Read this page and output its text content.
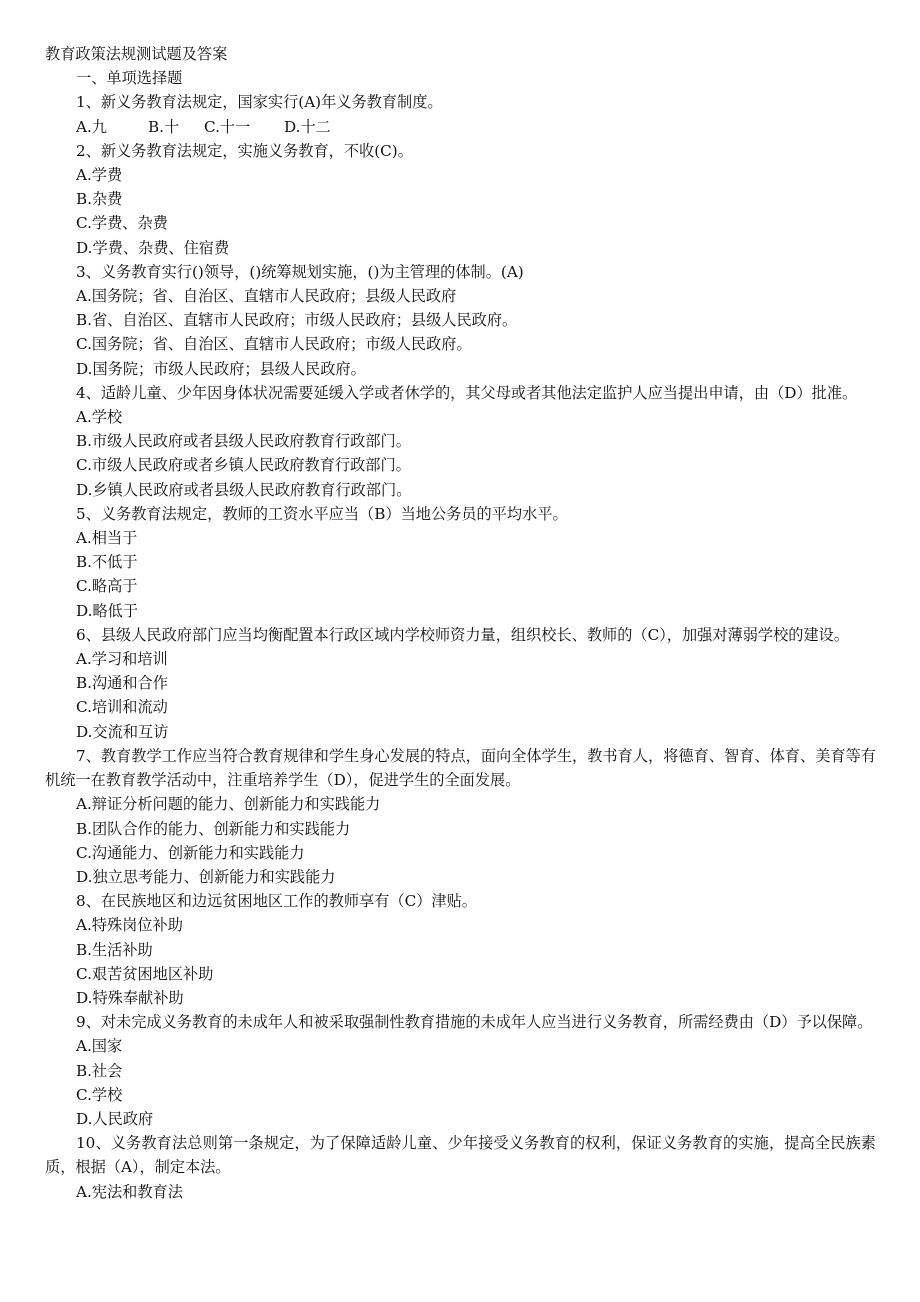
教育政策法规测试题及答案
一、单项选择题
1、新义务教育法规定，国家实行(A)年义务教育制度。
A.九	B.十 C.十一 D.十二
2、新义务教育法规定，实施义务教育，不收(C)。
A.学费
B.杂费
C.学费、杂费
D.学费、杂费、住宿费
3、义务教育实行()领导，()统筹规划实施，()为主管理的体制。(A)
A.国务院；省、自治区、直辖市人民政府；县级人民政府
B.省、自治区、直辖市人民政府；市级人民政府；县级人民政府。
C.国务院；省、自治区、直辖市人民政府；市级人民政府。
D.国务院；市级人民政府；县级人民政府。
4、适龄儿童、少年因身体状况需要延缓入学或者休学的，其父母或者其他法定监护人应当提出申请，由（D）批准。
A.学校
B.市级人民政府或者县级人民政府教育行政部门。
C.市级人民政府或者乡镇人民政府教育行政部门。
D.乡镇人民政府或者县级人民政府教育行政部门。
5、义务教育法规定，教师的工资水平应当（B）当地公务员的平均水平。
A.相当于
B.不低于
C.略高于
D.略低于
6、县级人民政府部门应当均衡配置本行政区域内学校师资力量，组织校长、教师的（C），加强对薄弱学校的建设。
A.学习和培训
B.沟通和合作
C.培训和流动
D.交流和互访
7、教育教学工作应当符合教育规律和学生身心发展的特点，面向全体学生，教书育人，将德育、智育、体育、美育等有机统一在教育教学活动中，注重培养学生（D），促进学生的全面发展。
A.辩证分析问题的能力、创新能力和实践能力
B.团队合作的能力、创新能力和实践能力
C.沟通能力、创新能力和实践能力
D.独立思考能力、创新能力和实践能力
8、在民族地区和边远贫困地区工作的教师享有（C）津贴。
A.特殊岗位补助
B.生活补助
C.艰苦贫困地区补助
D.特殊奉献补助
9、对未完成义务教育的未成年人和被采取强制性教育措施的未成年人应当进行义务教育，所需经费由（D）予以保障。
A.国家
B.社会
C.学校
D.人民政府
10、义务教育法总则第一条规定，为了保障适龄儿童、少年接受义务教育的权利，保证义务教育的实施，提高全民族素质，根据（A），制定本法。
A.宪法和教育法
